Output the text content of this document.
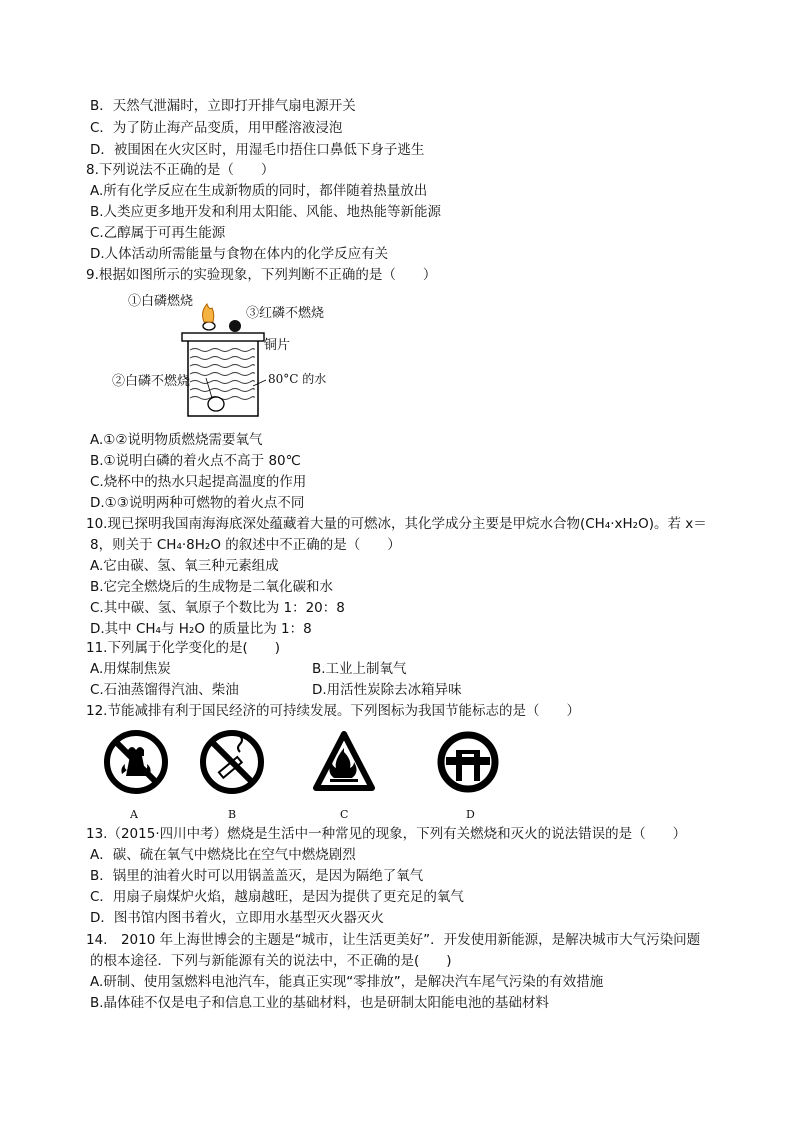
B．天然气泄漏时，立即打开排气扇电源开关
C．为了防止海产品变质，用甲醛溶液浸泡
D．被围困在火灾区时，用湿毛巾捂住口鼻低下身子逃生
8.下列说法不正确的是（　　）
A.所有化学反应在生成新物质的同时，都伴随着热量放出
B.人类应更多地开发和利用太阳能、风能、地热能等新能源
C.乙醇属于可再生能源
D.人体活动所需能量与食物在体内的化学反应有关
9.根据如图所示的实验现象，下列判断不正确的是（　　）
①白磷燃烧
③红磷不燃烧
铜片
②白磷不燃烧	80°C 的水
A.①②说明物质燃烧需要氧气
B.①说明白磷的着火点不高于 80℃
C.烧杯中的热水只起提高温度的作用
D.①③说明两种可燃物的着火点不同
10.现已探明我国南海海底深处蕴藏着大量的可燃冰，其化学成分主要是甲烷水合物(CH₄·xH₂O)。若 x＝
8，则关于 CH₄·8H₂O 的叙述中不正确的是（　　）
A.它由碳、氢、氧三种元素组成
B.它完全燃烧后的生成物是二氧化碳和水
C.其中碳、氢、氧原子个数比为 1：20：8
D.其中 CH₄与 H₂O 的质量比为 1：8
11.下列属于化学变化的是(　　)
A.用煤制焦炭	B.工业上制氧气
C.石油蒸馏得汽油、柴油	D.用活性炭除去冰箱异味
12.节能减排有利于国民经济的可持续发展。下列图标为我国节能标志的是（　　）
A	B	C	D
13.（2015·四川中考）燃烧是生活中一种常见的现象，下列有关燃烧和灭火的说法错误的是（　　）
A．碳、硫在氧气中燃烧比在空气中燃烧剧烈
B．锅里的油着火时可以用锅盖盖灭，是因为隔绝了氧气
C．用扇子扇煤炉火焰，越扇越旺，是因为提供了更充足的氧气
D．图书馆内图书着火，立即用水基型灭火器灭火
14.　2010 年上海世博会的主题是“城市，让生活更美好”．开发使用新能源，是解决城市大气污染问题
的根本途径．下列与新能源有关的说法中，不正确的是(　　)
A.研制、使用氢燃料电池汽车，能真正实现“零排放”，是解决汽车尾气污染的有效措施
B.晶体硅不仅是电子和信息工业的基础材料，也是研制太阳能电池的基础材料
